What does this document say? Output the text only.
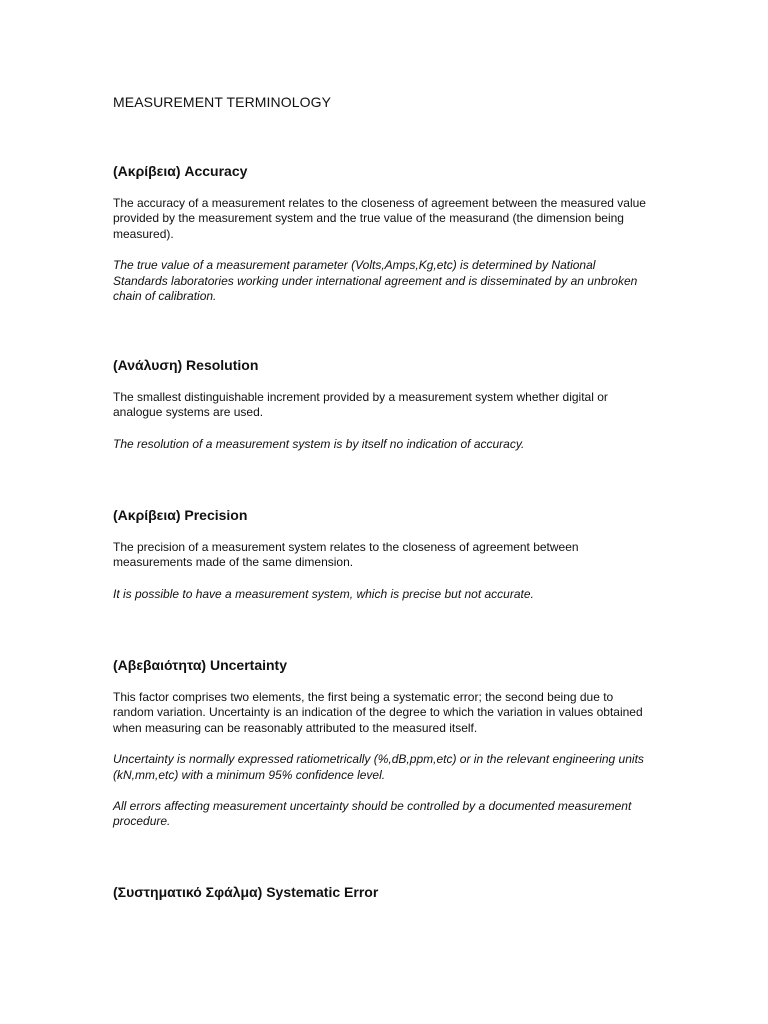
MEASUREMENT TERMINOLOGY
(Ακρίβεια) Accuracy

The accuracy of a measurement relates to the closeness of agreement between the measured value provided by the measurement system and the true value of the measurand (the dimension being measured).

The true value of a measurement parameter (Volts,Amps,Kg,etc) is determined by National Standards laboratories working under international agreement and is disseminated by an unbroken chain of calibration.

(Ανάλυση) Resolution

The smallest distinguishable increment provided by a measurement system whether digital or analogue systems are used.

The resolution of a measurement system is by itself no indication of accuracy.

(Ακρίβεια) Precision

The precision of a measurement system relates to the closeness of agreement between measurements made of the same dimension.

It is possible to have a measurement system, which is precise but not accurate.

(Αβεβαιότητα) Uncertainty

This factor comprises two elements, the first being a systematic error; the second being due to random variation. Uncertainty is an indication of the degree to which the variation in values obtained when measuring can be reasonably attributed to the measured itself.

Uncertainty is normally expressed ratiometrically (%,dB,ppm,etc) or in the relevant engineering units (kN,mm,etc) with a minimum 95% confidence level.

All errors affecting measurement uncertainty should be controlled by a documented measurement procedure.

(Συστηματικό Σφάλμα) Systematic Error
